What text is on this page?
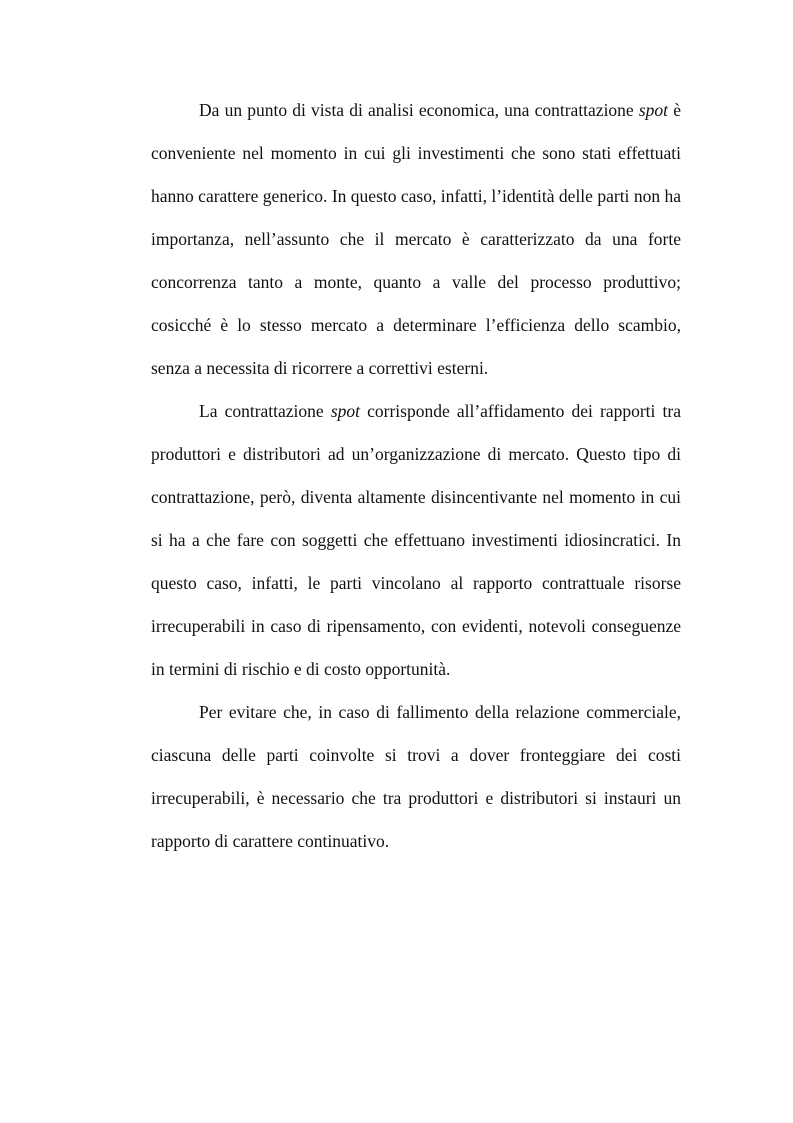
Da un punto di vista di analisi economica, una contrattazione spot è conveniente nel momento in cui gli investimenti che sono stati effettuati hanno carattere generico. In questo caso, infatti, l’identità delle parti non ha importanza, nell’assunto che il mercato è caratterizzato da una forte concorrenza tanto a monte, quanto a valle del processo produttivo; cosicché è lo stesso mercato a determinare l’efficienza dello scambio, senza a necessita di ricorrere a correttivi esterni.

La contrattazione spot corrisponde all’affidamento dei rapporti tra produttori e distributori ad un’organizzazione di mercato. Questo tipo di contrattazione, però, diventa altamente disincentivante nel momento in cui si ha a che fare con soggetti che effettuano investimenti idiosincratici. In questo caso, infatti, le parti vincolano al rapporto contrattuale risorse irrecuperabili in caso di ripensamento, con evidenti, notevoli conseguenze in termini di rischio e di costo opportunità.

Per evitare che, in caso di fallimento della relazione commerciale, ciascuna delle parti coinvolte si trovi a dover fronteggiare dei costi irrecuperabili, è necessario che tra produttori e distributori si instauri un rapporto di carattere continuativo.
